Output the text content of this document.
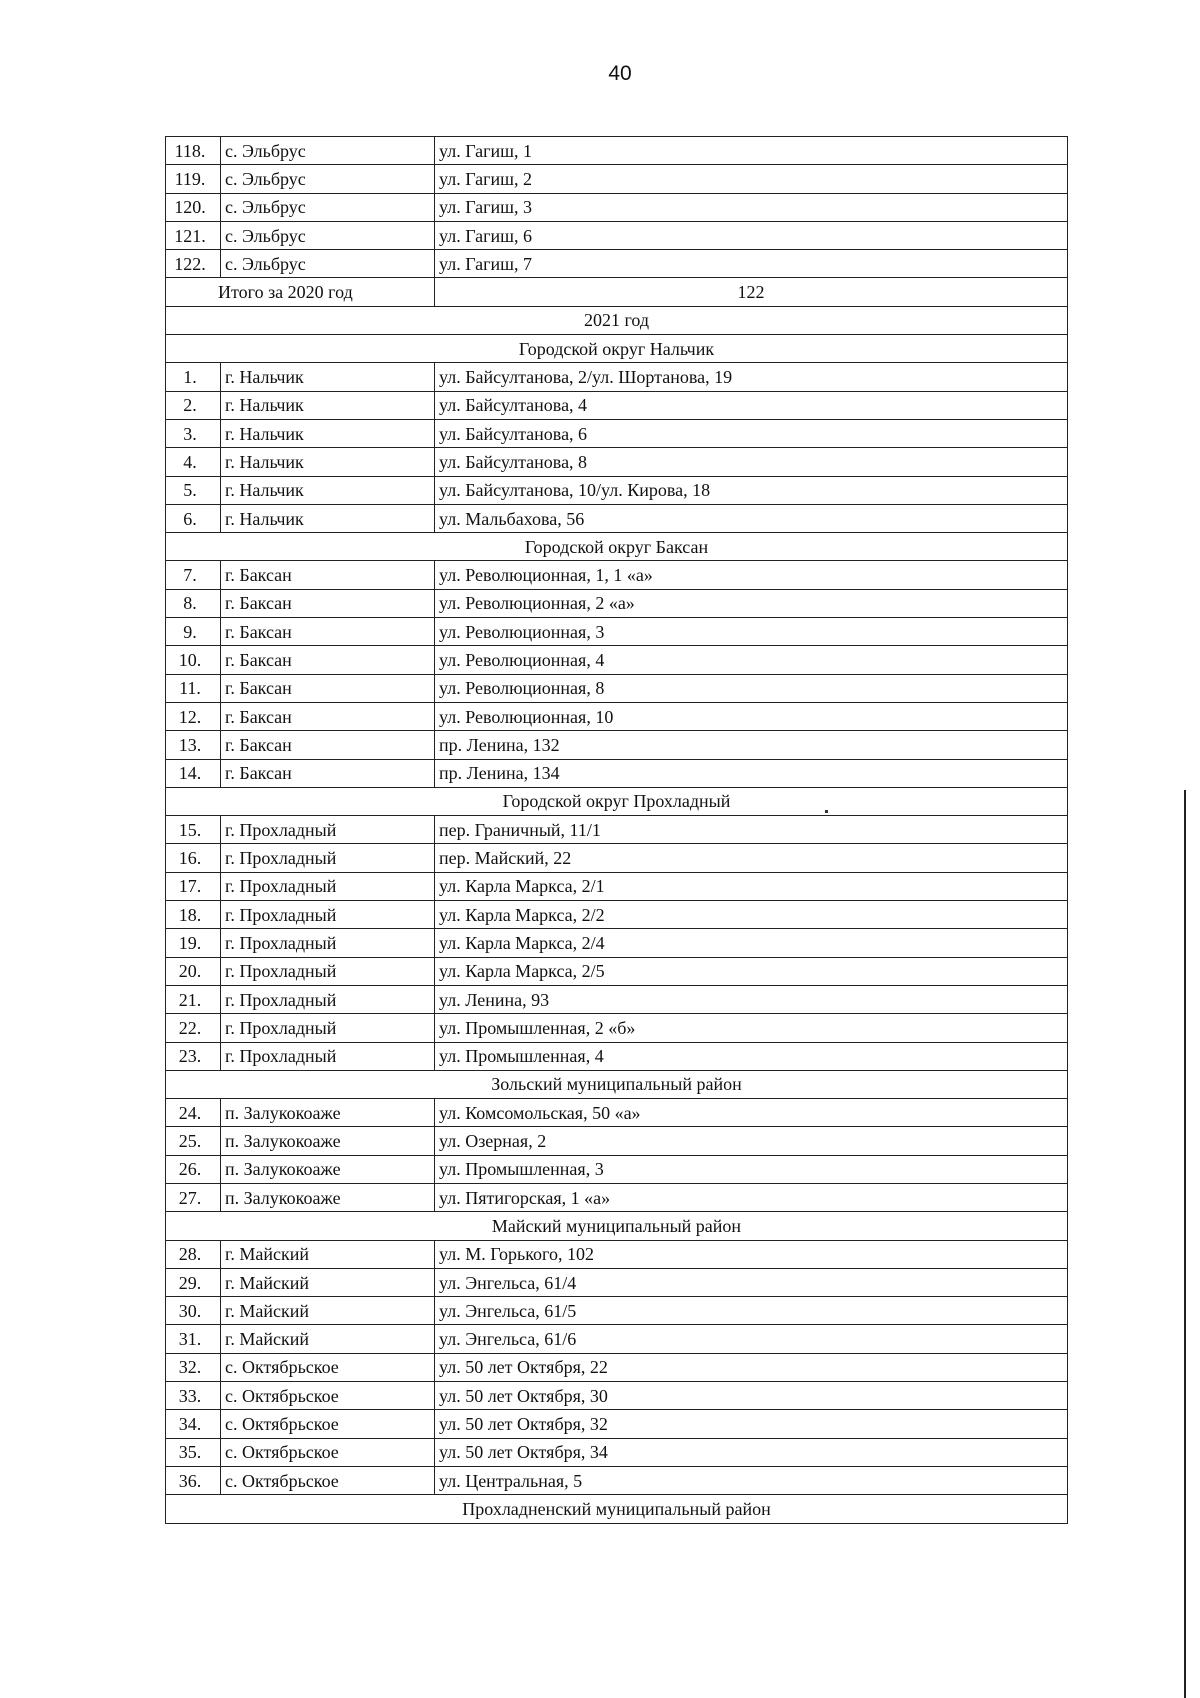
40
118.	с. Эльбрус	ул. Гагиш, 1
119.	с. Эльбрус	ул. Гагиш, 2
120.	с. Эльбрус	ул. Гагиш, 3
121.	с. Эльбрус	ул. Гагиш, 6
122.	с. Эльбрус	ул. Гагиш, 7
Итого за 2020 год		122
2021 год		
Городской округ Нальчик		
1.	г. Нальчик	ул. Байсултанова, 2/ул. Шортанова, 19
2.	г. Нальчик	ул. Байсултанова, 4
3.	г. Нальчик	ул. Байсултанова, 6
4.	г. Нальчик	ул. Байсултанова, 8
5.	г. Нальчик	ул. Байсултанова, 10/ул. Кирова, 18
6.	г. Нальчик	ул. Мальбахова, 56
Городской округ Баксан		
7.	г. Баксан	ул. Революционная, 1, 1 «а»
8.	г. Баксан	ул. Революционная, 2 «а»
9.	г. Баксан	ул. Революционная, 3
10.	г. Баксан	ул. Революционная, 4
11.	г. Баксан	ул. Революционная, 8
12.	г. Баксан	ул. Революционная, 10
13.	г. Баксан	пр. Ленина, 132
14.	г. Баксан	пр. Ленина, 134
Городской округ Прохладный		
15.	г. Прохладный	пер. Граничный, 11/1
16.	г. Прохладный	пер. Майский, 22
17.	г. Прохладный	ул. Карла Маркса, 2/1
18.	г. Прохладный	ул. Карла Маркса, 2/2
19.	г. Прохладный	ул. Карла Маркса, 2/4
20.	г. Прохладный	ул. Карла Маркса, 2/5
21.	г. Прохладный	ул. Ленина, 93
22.	г. Прохладный	ул. Промышленная, 2 «б»
23.	г. Прохладный	ул. Промышленная, 4
Зольский муниципальный район		
24.	п. Залукокоаже	ул. Комсомольская, 50 «а»
25.	п. Залукокоаже	ул. Озерная, 2
26.	п. Залукокоаже	ул. Промышленная, 3
27.	п. Залукокоаже	ул. Пятигорская, 1 «а»
Майский муниципальный район		
28.	г. Майский	ул. М. Горького, 102
29.	г. Майский	ул. Энгельса, 61/4
30.	г. Майский	ул. Энгельса, 61/5
31.	г. Майский	ул. Энгельса, 61/6
32.	с. Октябрьское	ул. 50 лет Октября, 22
33.	с. Октябрьское	ул. 50 лет Октября, 30
34.	с. Октябрьское	ул. 50 лет Октября, 32
35.	с. Октябрьское	ул. 50 лет Октября, 34
36.	с. Октябрьское	ул. Центральная, 5
Прохладненский муниципальный район		
